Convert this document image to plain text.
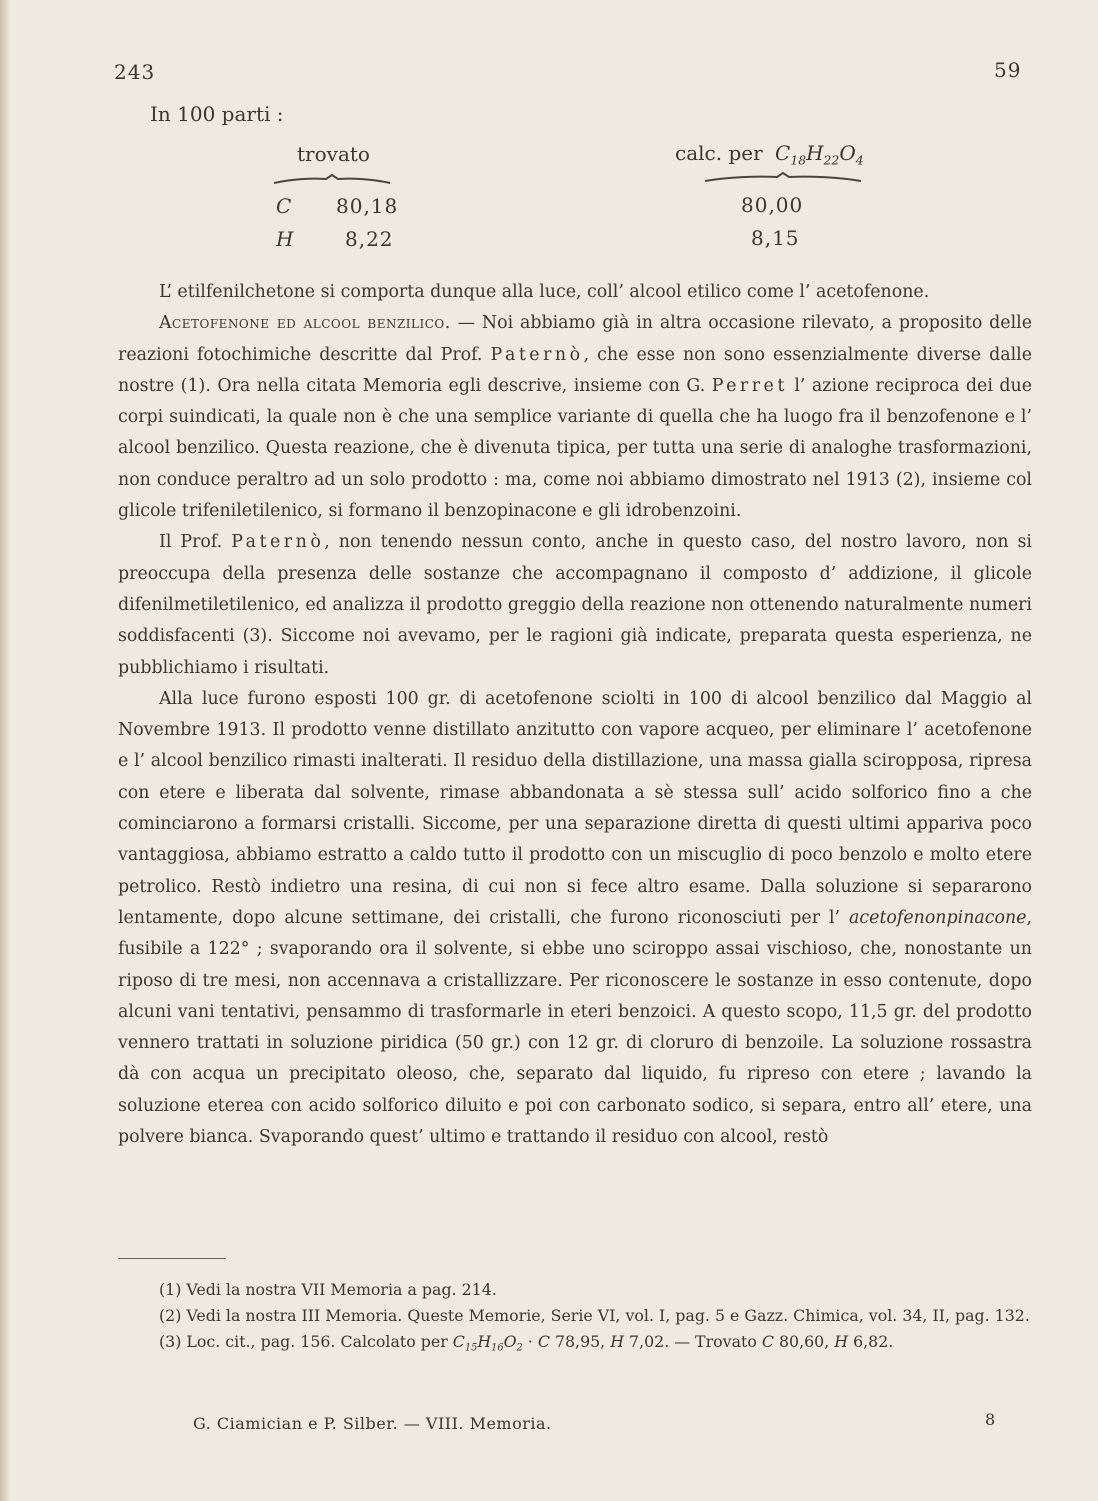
243	59
In 100 parti :
trovato	calc. per $C_{18}H_{22}O_4$
C 80,18	80,00
H	8,22	8,15

L’ etilfenilchetone si comporta dunque alla luce, coll’ alcool etilico come l’ acetofenone.

Acetofenone ed alcool benzilico. — Noi abbiamo già in altra occasione rilevato, a proposito delle reazioni fotochimiche descritte dal Prof. Paternò, che esse non sono essenzialmente diverse dalle nostre (1). Ora nella citata Memoria egli descrive, insieme con G. Perret l’ azione reciproca dei due corpi suindicati, la quale non è che una semplice variante di quella che ha luogo fra il benzofenone e l’ alcool benzilico. Questa reazione, che è divenuta tipica, per tutta una serie di analoghe trasformazioni, non conduce peraltro ad un solo prodotto : ma, come noi abbiamo dimostrato nel 1913 (2), insieme col glicole trifeniletilenico, si formano il benzopinacone e gli idrobenzoini.

Il Prof. Paternò, non tenendo nessun conto, anche in questo caso, del nostro lavoro, non si preoccupa della presenza delle sostanze che accompagnano il composto d’ addizione, il glicole difenilmetiletilenico, ed analizza il prodotto greggio della reazione non ottenendo naturalmente numeri soddisfacenti (3). Siccome noi avevamo, per le ragioni già indicate, preparata questa esperienza, ne pubblichiamo i risultati.

Alla luce furono esposti 100 gr. di acetofenone sciolti in 100 di alcool benzilico dal Maggio al Novembre 1913. Il prodotto venne distillato anzitutto con vapore acqueo, per eliminare l’ acetofenone e l’ alcool benzilico rimasti inalterati. Il residuo della distillazione, una massa gialla sciropposa, ripresa con etere e liberata dal solvente, rimase abbandonata a sè stessa sull’ acido solforico fino a che cominciarono a formarsi cristalli. Siccome, per una separazione diretta di questi ultimi appariva poco vantaggiosa, abbiamo estratto a caldo tutto il prodotto con un miscuglio di poco benzolo e molto etere petrolico. Restò indietro una resina, di cui non si fece altro esame. Dalla soluzione si separarono lentamente, dopo alcune settimane, dei cristalli, che furono riconosciuti per l’ acetofenonpinacone, fusibile a 122° ; svaporando ora il solvente, si ebbe uno sciroppo assai vischioso, che, nonostante un riposo di tre mesi, non accennava a cristallizzare. Per riconoscere le sostanze in esso contenute, dopo alcuni vani tentativi, pensammo di trasformarle in eteri benzoici. A questo scopo, 11,5 gr. del prodotto vennero trattati in soluzione piridica (50 gr.) con 12 gr. di cloruro di benzoile. La soluzione rossastra dà con acqua un precipitato oleoso, che, separato dal liquido, fu ripreso con etere ; lavando la soluzione eterea con acido solforico diluito e poi con carbonato sodico, si separa, entro all’ etere, una polvere bianca. Svaporando quest’ ultimo e trattando il residuo con alcool, restò

(1) Vedi la nostra VII Memoria a pag. 214.

(2) Vedi la nostra III Memoria. Queste Memorie, Serie VI, vol. I, pag. 5 e Gazz. Chimica, vol. 34, II, pag. 132.

(3) Loc. cit., pag. 156. Calcolato per $C_{15}H_{16}O_2 \cdot C$ 78,95, H 7,02. — Trovato C 80,60, H 6,82.

G. Ciamician e P. Silber. — VIII. Memoria.	8
